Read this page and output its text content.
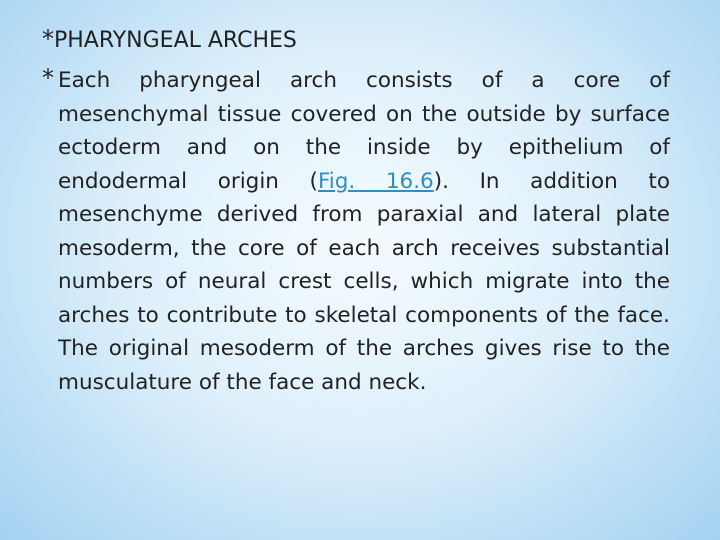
*PHARYNGEAL ARCHES
* Each pharyngeal arch consists of a core of mesenchymal tissue covered on the outside by surface ectoderm and on the inside by epithelium of endodermal origin (Fig. 16.6). In addition to mesenchyme derived from paraxial and lateral plate mesoderm, the core of each arch receives substantial numbers of neural crest cells, which migrate into the arches to contribute to skeletal components of the face. The original mesoderm of the arches gives rise to the musculature of the face and neck.
